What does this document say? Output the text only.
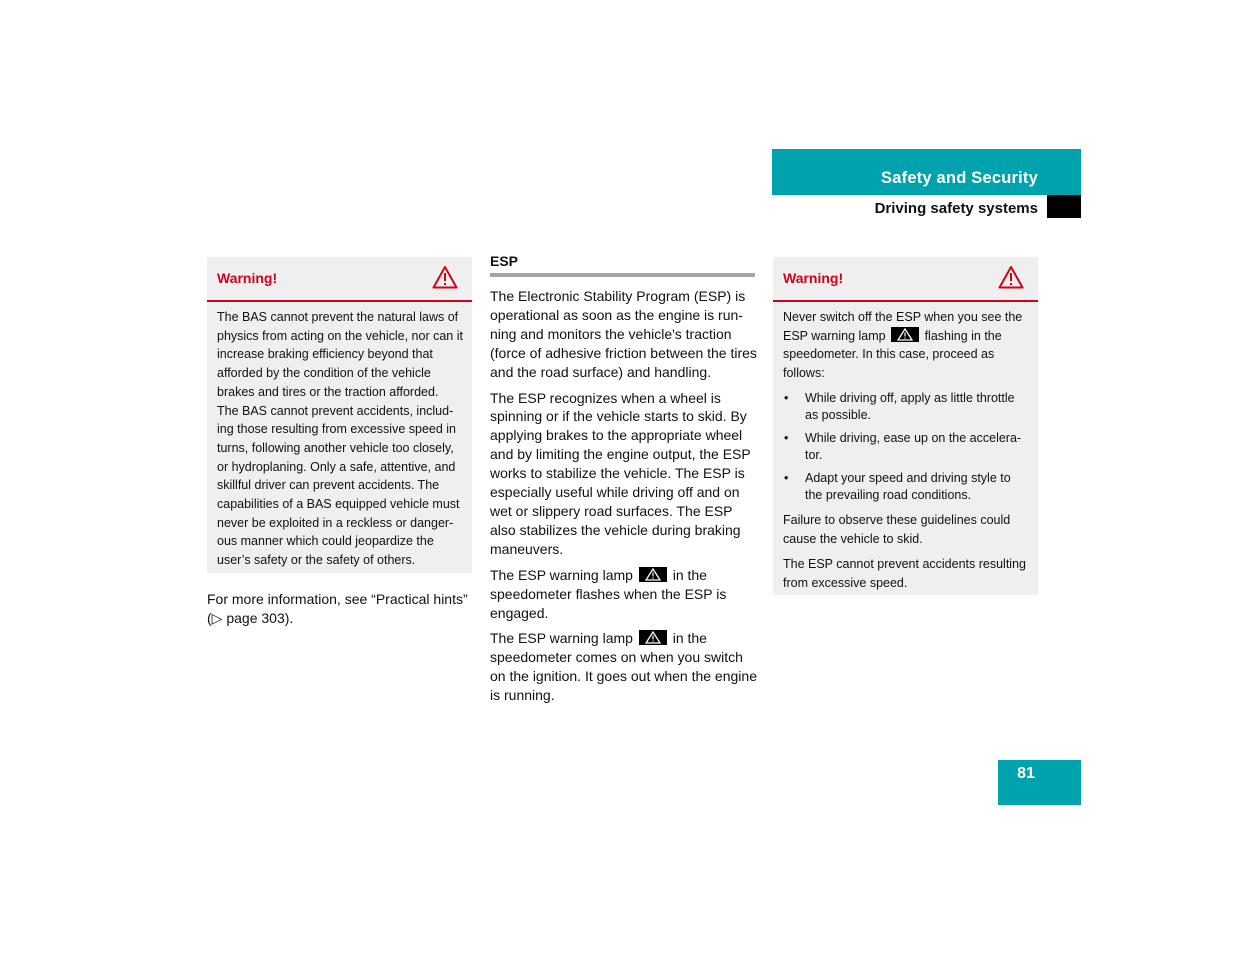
Safety and Security
Driving safety systems
Warning!

The BAS cannot prevent the natural laws of physics from acting on the vehicle, nor can it increase braking efficiency beyond that afforded by the condition of the vehicle brakes and tires or the traction afforded. The BAS cannot prevent accidents, includ-ing those resulting from excessive speed in turns, following another vehicle too closely, or hydroplaning. Only a safe, attentive, and skillful driver can prevent accidents. The capabilities of a BAS equipped vehicle must never be exploited in a reckless or danger-ous manner which could jeopardize the user’s safety or the safety of others.

For more information, see “Practical hints” (▷ page 303).
ESP

The Electronic Stability Program (ESP) is operational as soon as the engine is run-ning and monitors the vehicle's traction (force of adhesive friction between the tires and the road surface) and handling.

The ESP recognizes when a wheel is spinning or if the vehicle starts to skid. By applying brakes to the appropriate wheel and by limiting the engine output, the ESP works to stabilize the vehicle. The ESP is especially useful while driving off and on wet or slippery road surfaces. The ESP also stabilizes the vehicle during braking maneuvers.

The ESP warning lamp	in the speedometer flashes when the ESP is engaged.

The ESP warning lamp	in the speedometer comes on when you switch on the ignition. It goes out when the engine is running.

Warning!

Never switch off the ESP when you see the ESP warning lamp	flashing in the speedometer. In this case, proceed as follows:

• While driving off, apply as little throttle as possible.
• While driving, ease up on the accelera-tor.
• Adapt your speed and driving style to the prevailing road conditions.

Failure to observe these guidelines could cause the vehicle to skid.

The ESP cannot prevent accidents resulting from excessive speed.

81
